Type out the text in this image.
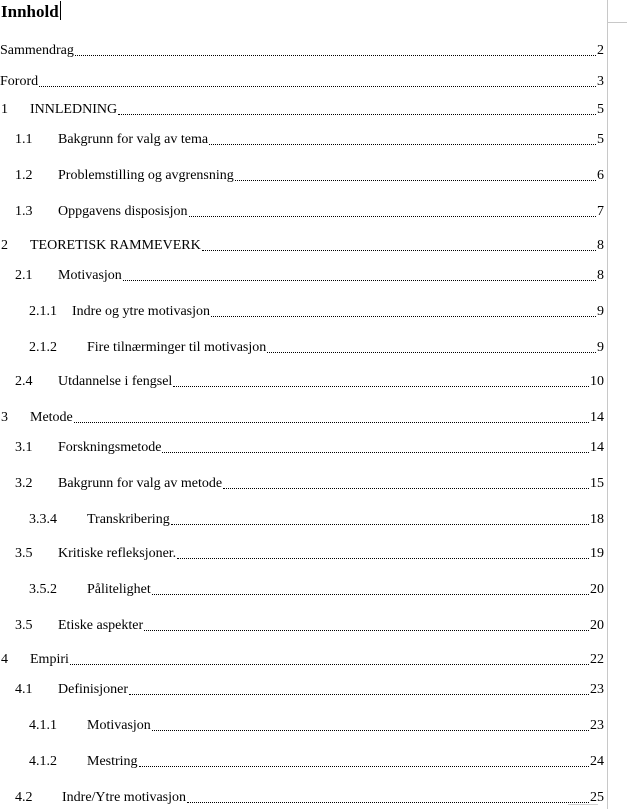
Innhold
Sammendrag	2
Forord	3
1	INNLEDNING	5
1.1	Bakgrunn for valg av tema	5
1.2	Problemstilling og avgrensning	6
1.3	Oppgavens disposisjon	7
2	TEORETISK RAMMEVERK	8
2.1	Motivasjon	8
2.1.1	Indre og ytre motivasjon	9
2.1.2	Fire tilnærminger til motivasjon	9
2.4	Utdannelse i fengsel	10
3	Metode	14
3.1	Forskningsmetode	14
3.2	Bakgrunn for valg av metode	15
3.3.4	Transkribering	18
3.5	Kritiske refleksjoner.	19
3.5.2	Pålitelighet	20
3.5	Etiske aspekter	20
4	Empiri	22
4.1	Definisjoner	23
4.1.1	Motivasjon	23
4.1.2	Mestring	24
4.2	Indre/Ytre motivasjon	25
